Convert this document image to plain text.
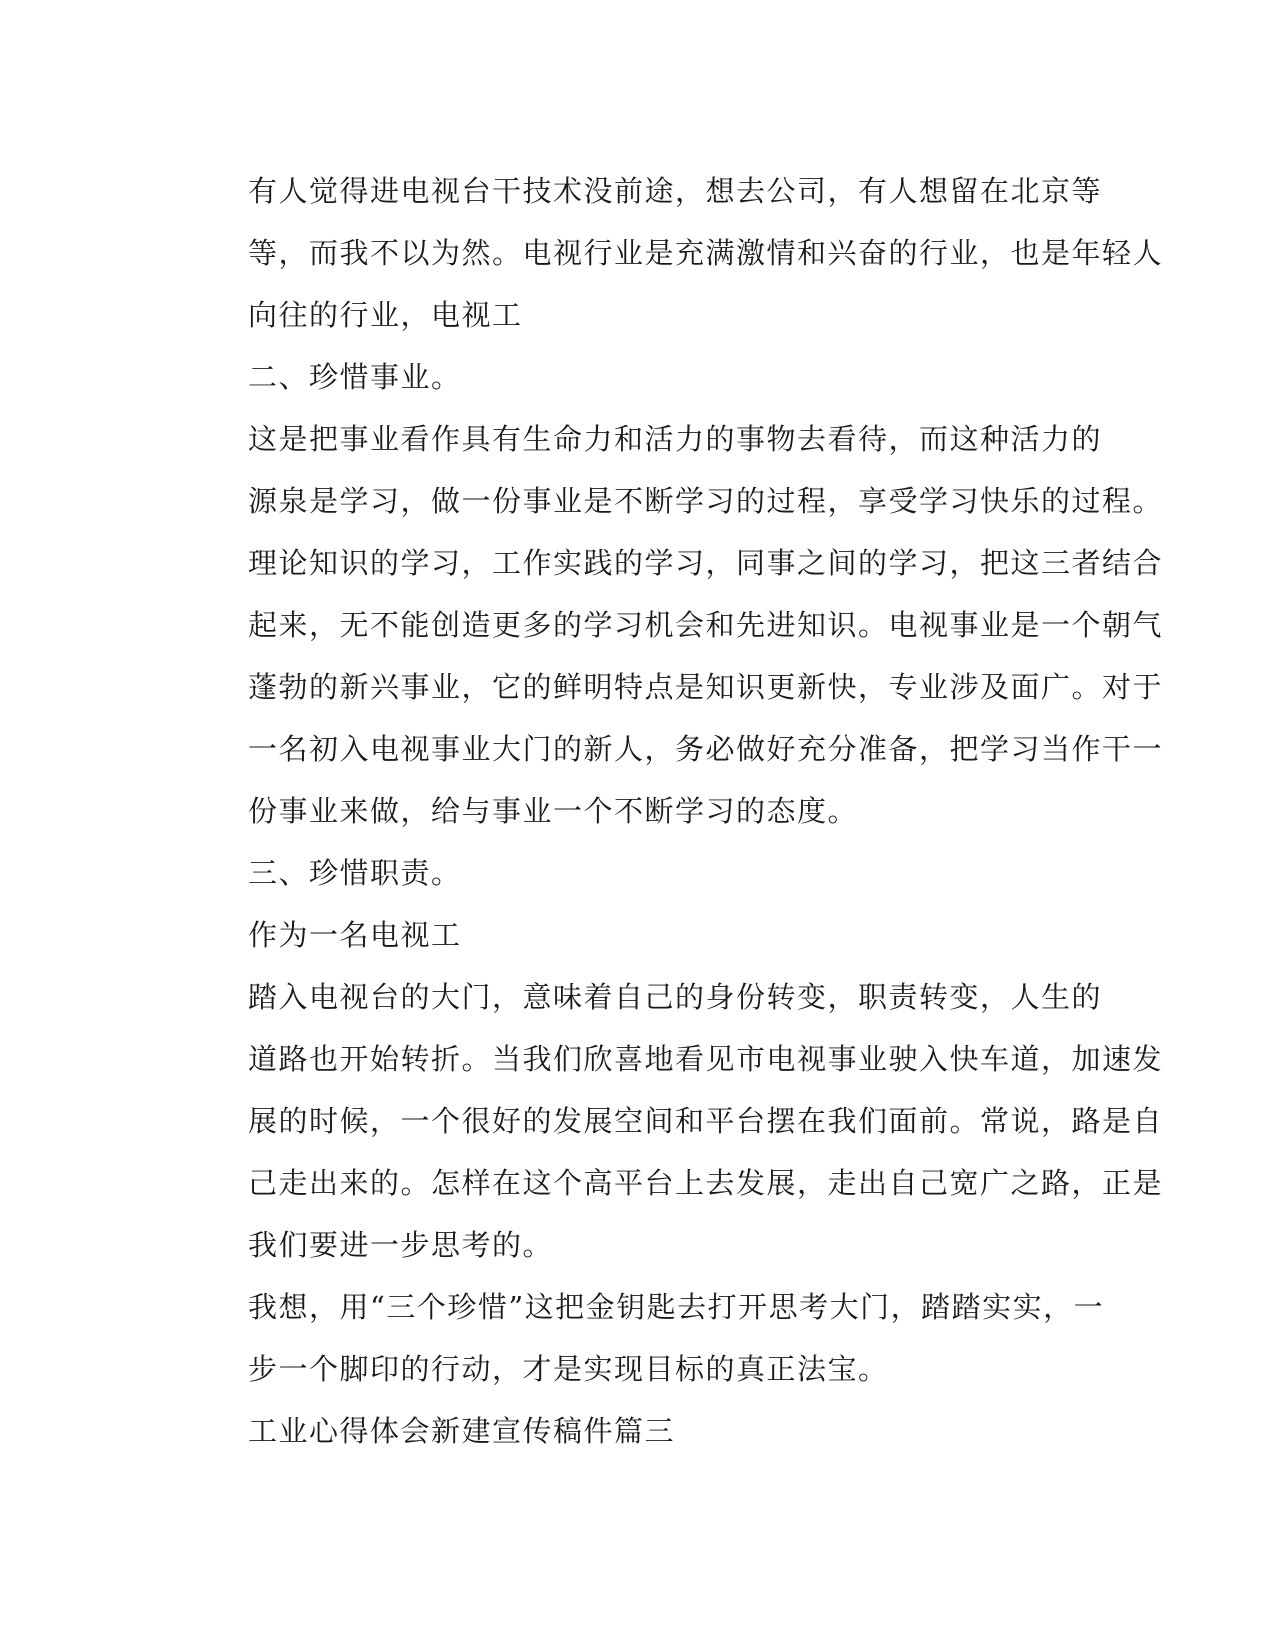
有人觉得进电视台干技术没前途，想去公司，有人想留在北京等
等，而我不以为然。电视行业是充满激情和兴奋的行业，也是年轻人
向往的行业，电视工

二、珍惜事业。

这是把事业看作具有生命力和活力的事物去看待，而这种活力的
源泉是学习，做一份事业是不断学习的过程，享受学习快乐的过程。
理论知识的学习，工作实践的学习，同事之间的学习，把这三者结合
起来，无不能创造更多的学习机会和先进知识。电视事业是一个朝气
蓬勃的新兴事业，它的鲜明特点是知识更新快，专业涉及面广。对于
一名初入电视事业大门的新人，务必做好充分准备，把学习当作干一
份事业来做，给与事业一个不断学习的态度。

三、珍惜职责。

作为一名电视工

踏入电视台的大门，意味着自己的身份转变，职责转变，人生的
道路也开始转折。当我们欣喜地看见市电视事业驶入快车道，加速发
展的时候，一个很好的发展空间和平台摆在我们面前。常说，路是自
己走出来的。怎样在这个高平台上去发展，走出自己宽广之路，正是
我们要进一步思考的。

我想，用“三个珍惜”这把金钥匙去打开思考大门，踏踏实实，一
步一个脚印的行动，才是实现目标的真正法宝。

工业心得体会新建宣传稿件篇三
